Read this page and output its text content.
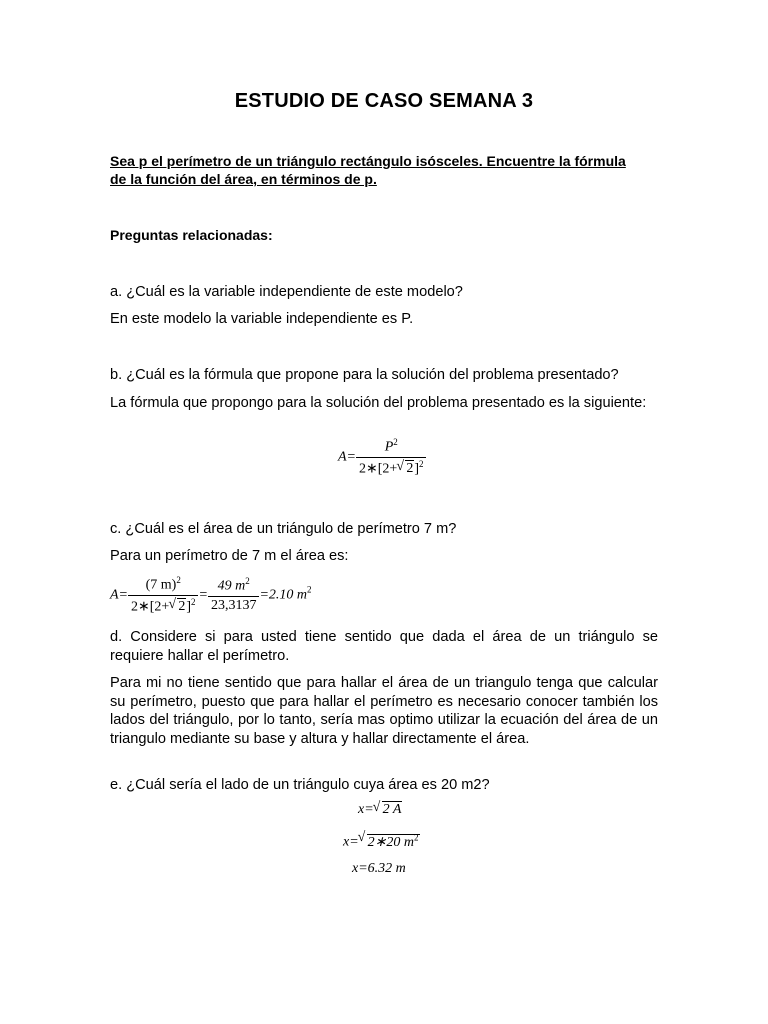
ESTUDIO DE CASO SEMANA 3
Sea p el perímetro de un triángulo rectángulo isósceles. Encuentre la fórmula de la función del área, en términos de p.
Preguntas relacionadas:
a. ¿Cuál es la variable independiente de este modelo?
En este modelo la variable independiente es P.
b. ¿Cuál es la fórmula que propone para la solución del problema presentado?
La fórmula que propongo para la solución del problema presentado es la siguiente:
$A= \frac{P^2}{2∗[2+ √ 2]^2}$
c. ¿Cuál es el área de un triángulo de perímetro 7 m?
Para un perímetro de 7 m el área es:
$A= \frac{(7 m)^2}{2∗[2+ √ 2]^2} = \frac{49 m^2}{23,3137} =2.10$ $m^2$
d. Considere si para usted tiene sentido que dada el área de un triángulo se requiere hallar el perímetro.
Para mi no tiene sentido que para hallar el área de un triangulo tenga que calcular su perímetro, puesto que para hallar el perímetro es necesario conocer también los lados del triángulo, por lo tanto, sería mas optimo utilizar la ecuación del área de un triangulo mediante su base y altura y hallar directamente el área.
e. ¿Cuál sería el lado de un triángulo cuya área es 20 m2?
x= √ 2 A
x= √ 2∗20 $m^2$
x=6.32 m
